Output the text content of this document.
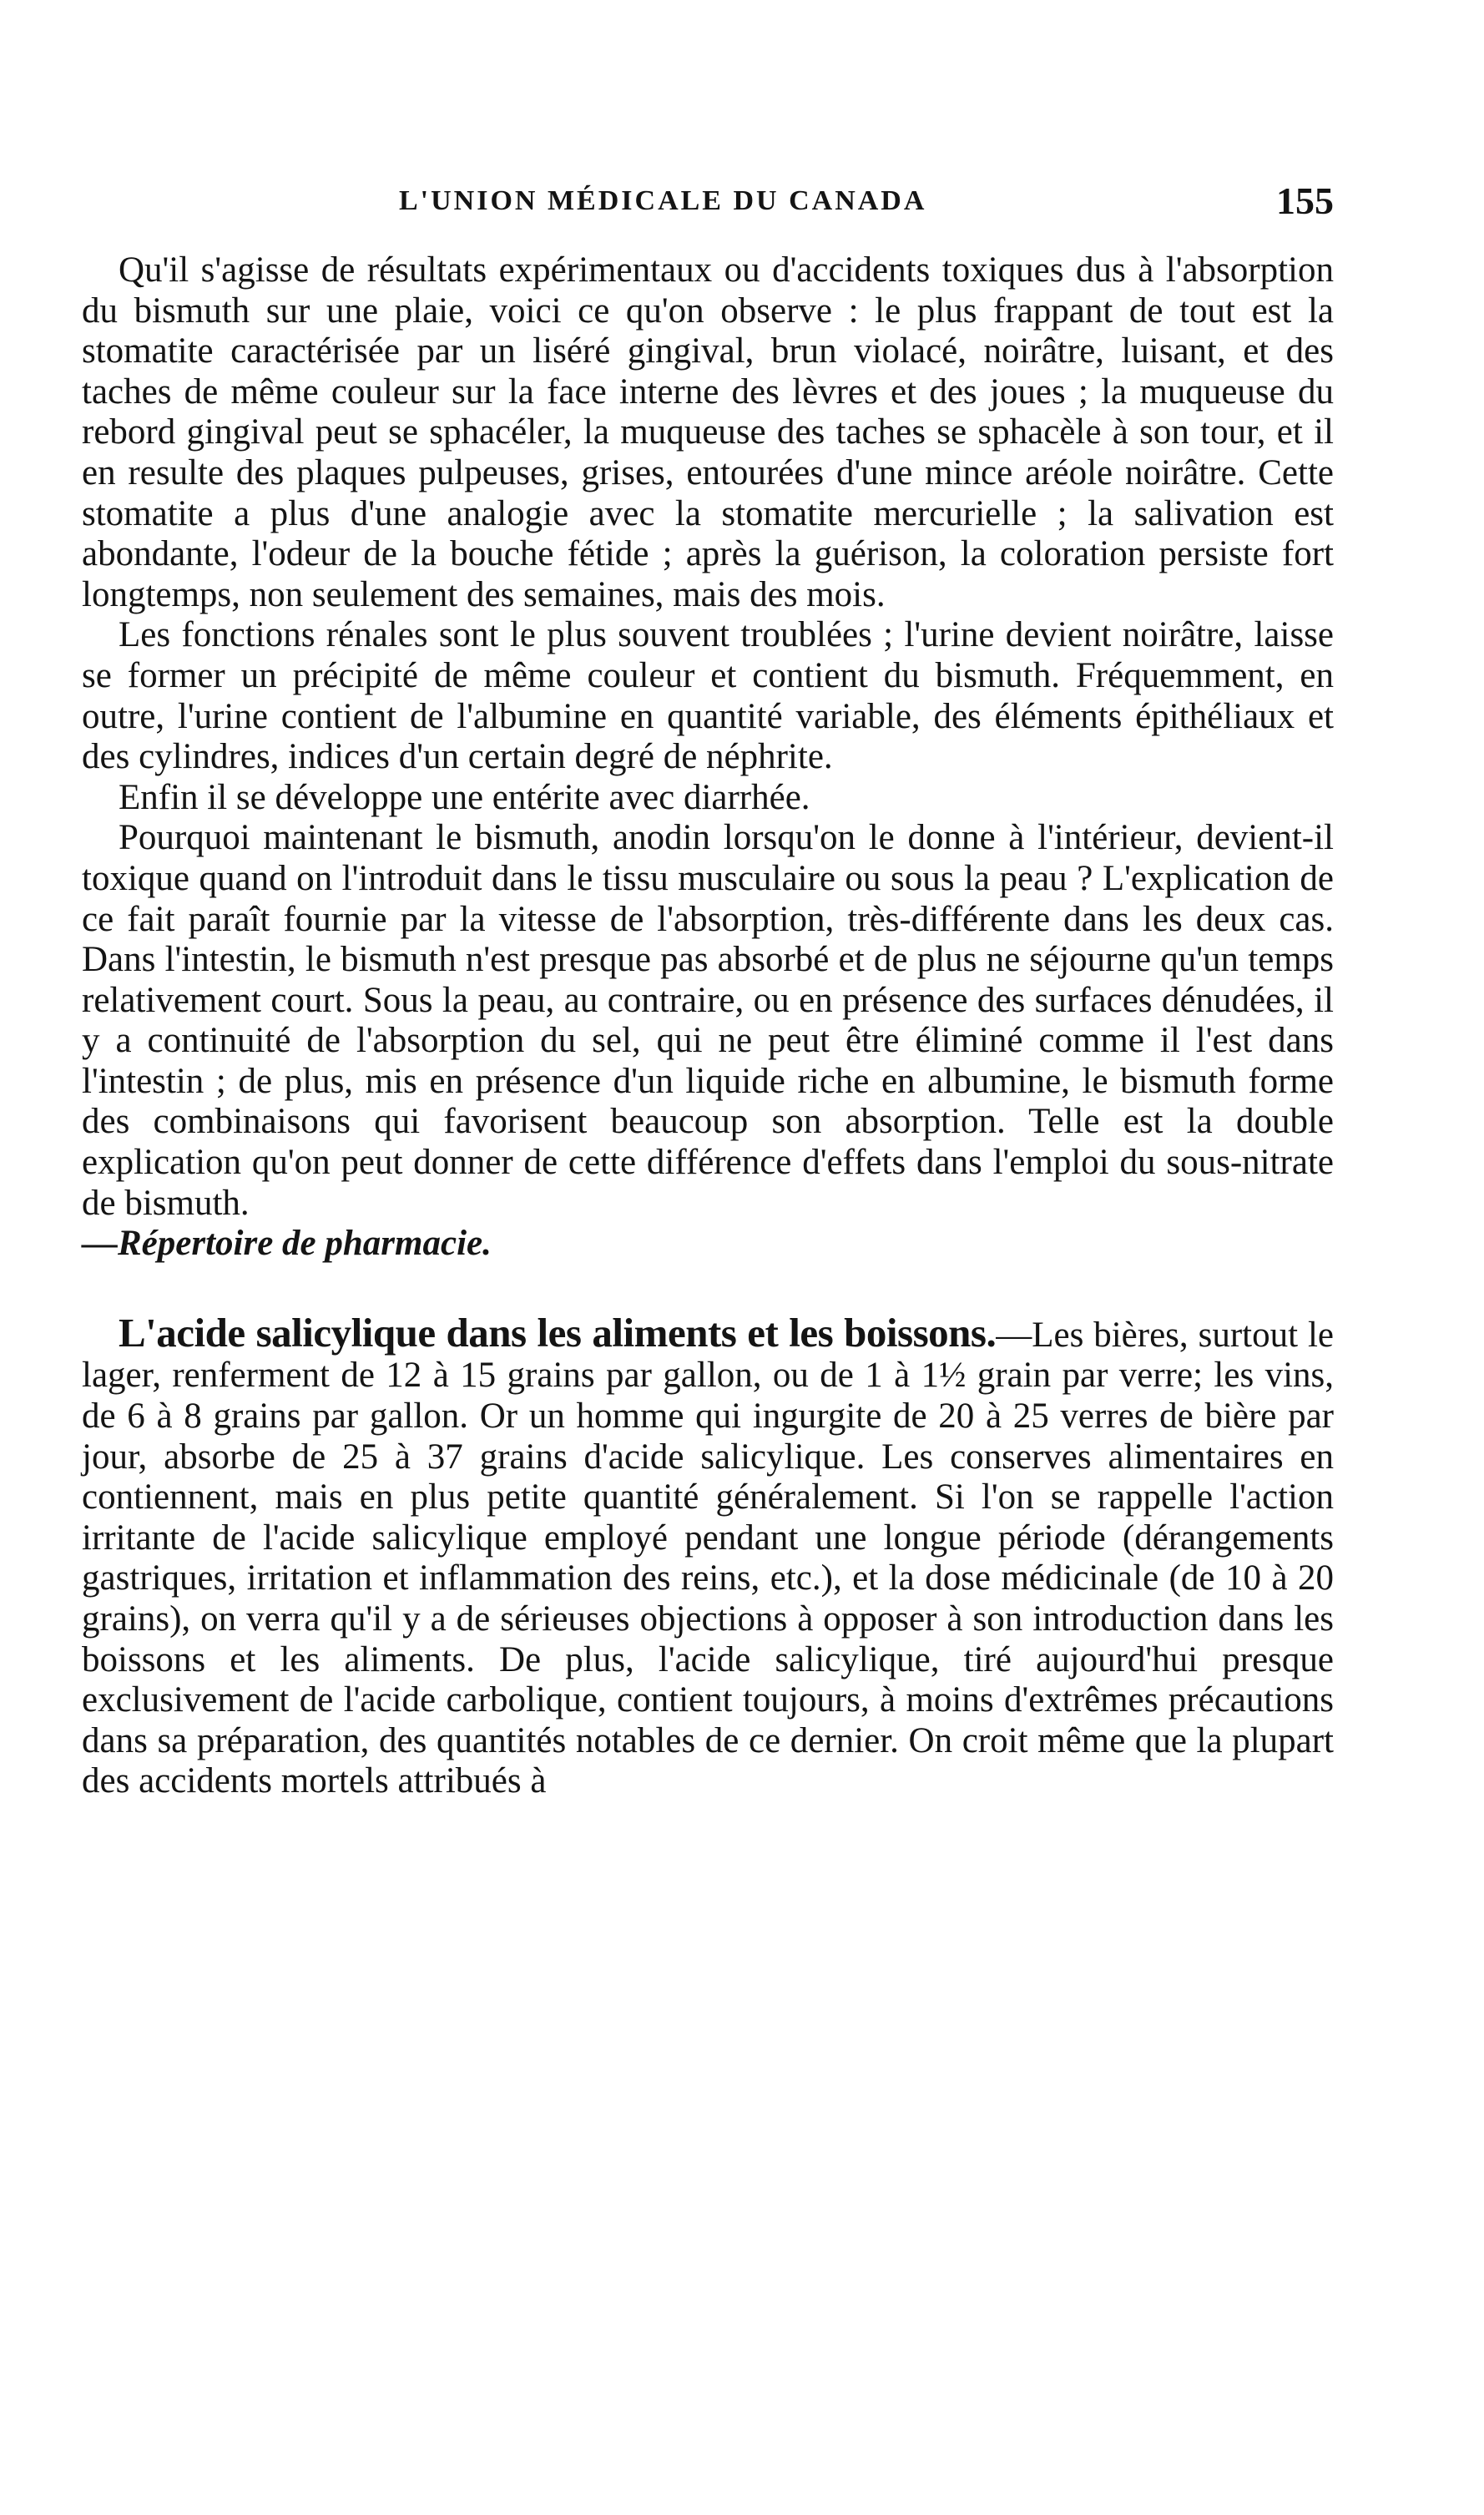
L'UNION MÉDICALE DU CANADA	155

Qu'il s'agisse de résultats expérimentaux ou d'accidents toxiques dus à l'absorption du bismuth sur une plaie, voici ce qu'on observe : le plus frappant de tout est la stomatite caractérisée par un liséré gingival, brun violacé, noirâtre, luisant, et des taches de même couleur sur la face interne des lèvres et des joues ; la muqueuse du rebord gingival peut se sphacéler, la muqueuse des taches se sphacèle à son tour, et il en resulte des plaques pulpeuses, grises, entourées d'une mince aréole noirâtre. Cette stomatite a plus d'une analogie avec la stomatite mercurielle ; la salivation est abondante, l'odeur de la bouche fétide ; après la guérison, la coloration persiste fort longtemps, non seulement des semaines, mais des mois.

Les fonctions rénales sont le plus souvent troublées ; l'urine devient noirâtre, laisse se former un précipité de même couleur et contient du bismuth. Fréquemment, en outre, l'urine contient de l'albumine en quantité variable, des éléments épithéliaux et des cylindres, indices d'un certain degré de néphrite.

Enfin il se développe une entérite avec diarrhée.

Pourquoi maintenant le bismuth, anodin lorsqu'on le donne à l'intérieur, devient-il toxique quand on l'introduit dans le tissu musculaire ou sous la peau ? L'explication de ce fait paraît fournie par la vitesse de l'absorption, très-différente dans les deux cas. Dans l'intestin, le bismuth n'est presque pas absorbé et de plus ne séjourne qu'un temps relativement court. Sous la peau, au contraire, ou en présence des surfaces dénudées, il y a continuité de l'absorption du sel, qui ne peut être éliminé comme il l'est dans l'intestin ; de plus, mis en présence d'un liquide riche en albumine, le bismuth forme des combinaisons qui favorisent beaucoup son absorption. Telle est la double explication qu'on peut donner de cette différence d'effets dans l'emploi du sous-nitrate de bismuth.

—Répertoire de pharmacie.

L'acide salicylique dans les aliments et les boissons.—Les bières, surtout le lager, renferment de 12 à 15 grains par gallon, ou de 1 à 1½ grain par verre; les vins, de 6 à 8 grains par gallon. Or un homme qui ingurgite de 20 à 25 verres de bière par jour, absorbe de 25 à 37 grains d'acide salicylique. Les conserves alimentaires en contiennent, mais en plus petite quantité généralement. Si l'on se rappelle l'action irritante de l'acide salicylique employé pendant une longue période (dérangements gastriques, irritation et inflammation des reins, etc.), et la dose médicinale (de 10 à 20 grains), on verra qu'il y a de sérieuses objections à opposer à son introduction dans les boissons et les aliments. De plus, l'acide salicylique, tiré aujourd'hui presque exclusivement de l'acide carbolique, contient toujours, à moins d'extrêmes précautions dans sa préparation, des quantités notables de ce dernier. On croit même que la plupart des accidents mortels attribués à
